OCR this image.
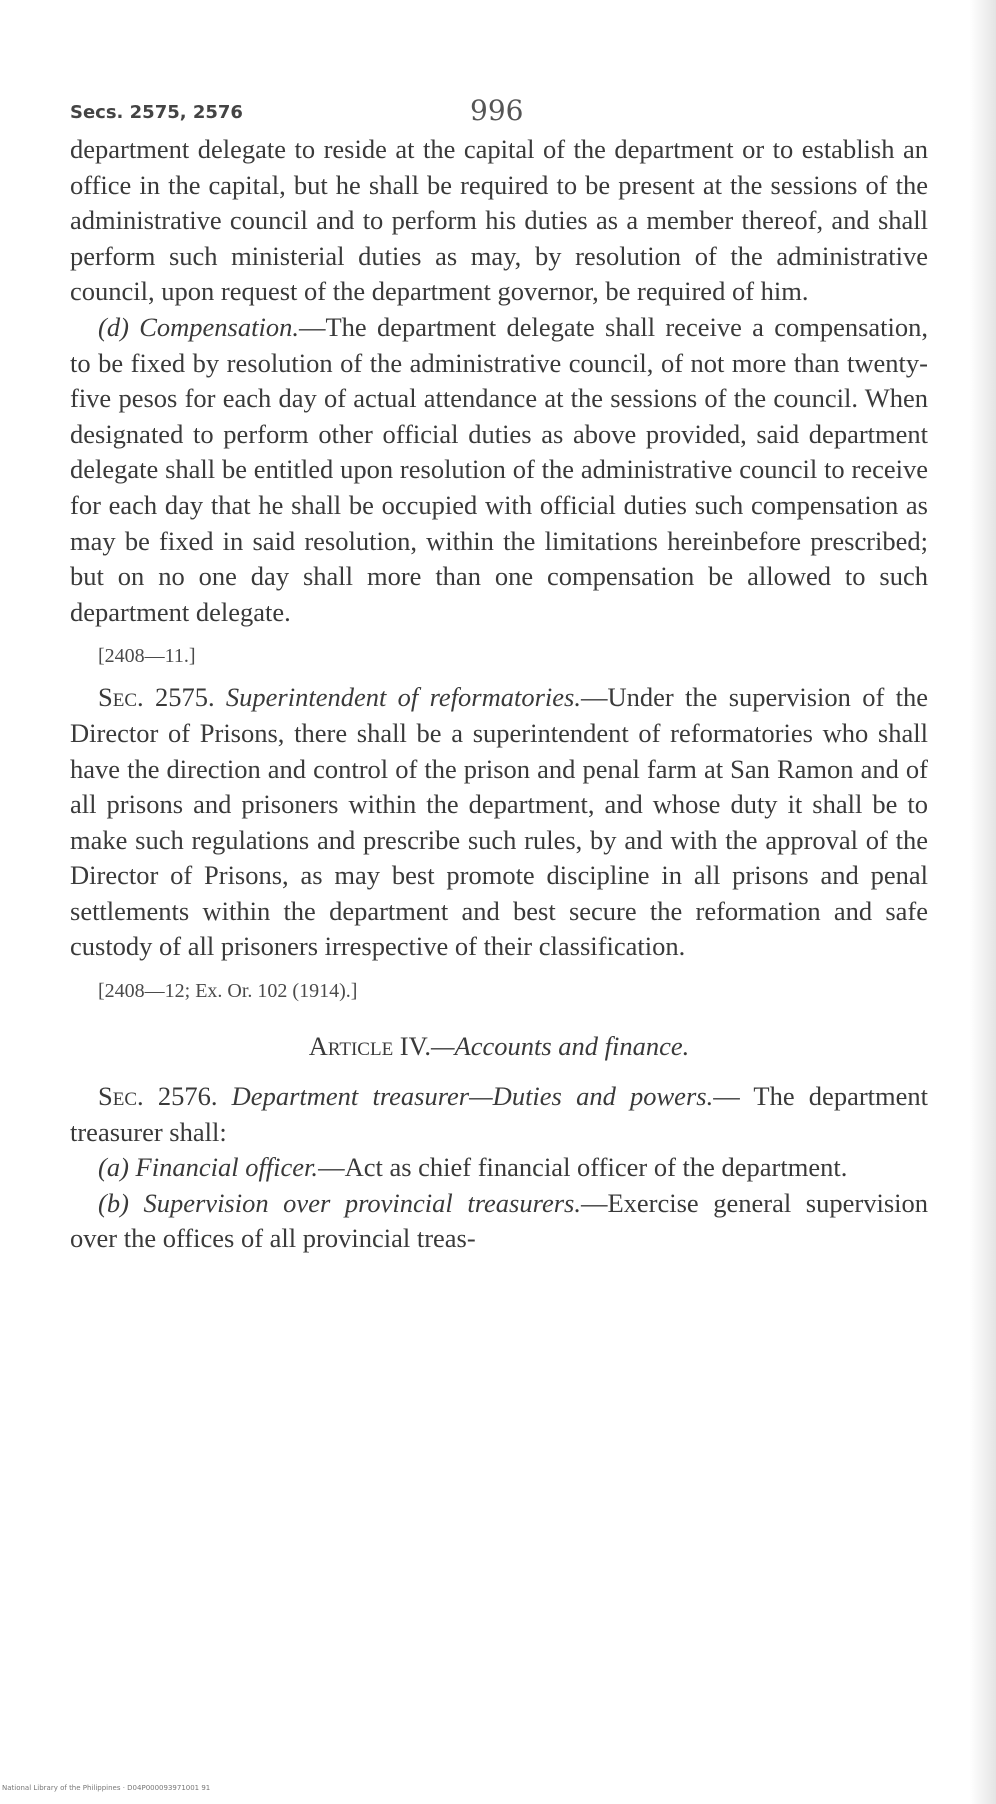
Secs. 2575, 2576	996

department delegate to reside at the capital of the department or to establish an office in the capital, but he shall be required to be present at the sessions of the administrative council and to perform his duties as a member thereof, and shall perform such ministerial duties as may, by resolution of the administrative council, upon request of the department governor, be required of him.

(d) Compensation.—The department delegate shall receive a compensation, to be fixed by resolution of the administrative council, of not more than twenty-five pesos for each day of actual attendance at the sessions of the council. When designated to perform other official duties as above provided, said department delegate shall be entitled upon resolution of the administrative council to receive for each day that he shall be occupied with official duties such compensation as may be fixed in said resolution, within the limitations hereinbefore prescribed; but on no one day shall more than one compensation be allowed to such department delegate.

[2408—11.]

Sec. 2575. Superintendent of reformatories.—Under the supervision of the Director of Prisons, there shall be a superintendent of reformatories who shall have the direction and control of the prison and penal farm at San Ramon and of all prisons and prisoners within the department, and whose duty it shall be to make such regulations and prescribe such rules, by and with the approval of the Director of Prisons, as may best promote discipline in all prisons and penal settlements within the department and best secure the reformation and safe custody of all prisoners irrespective of their classification.

[2408—12; Ex. Or. 102 (1914).]
Article IV.—Accounts and finance.

Sec. 2576. Department treasurer—Duties and powers.— The department treasurer shall:

(a) Financial officer.—Act as chief financial officer of the department.

(b) Supervision over provincial treasurers.—Exercise general supervision over the offices of all provincial treas-

National Library of the Philippines · D04P000093971001 91
